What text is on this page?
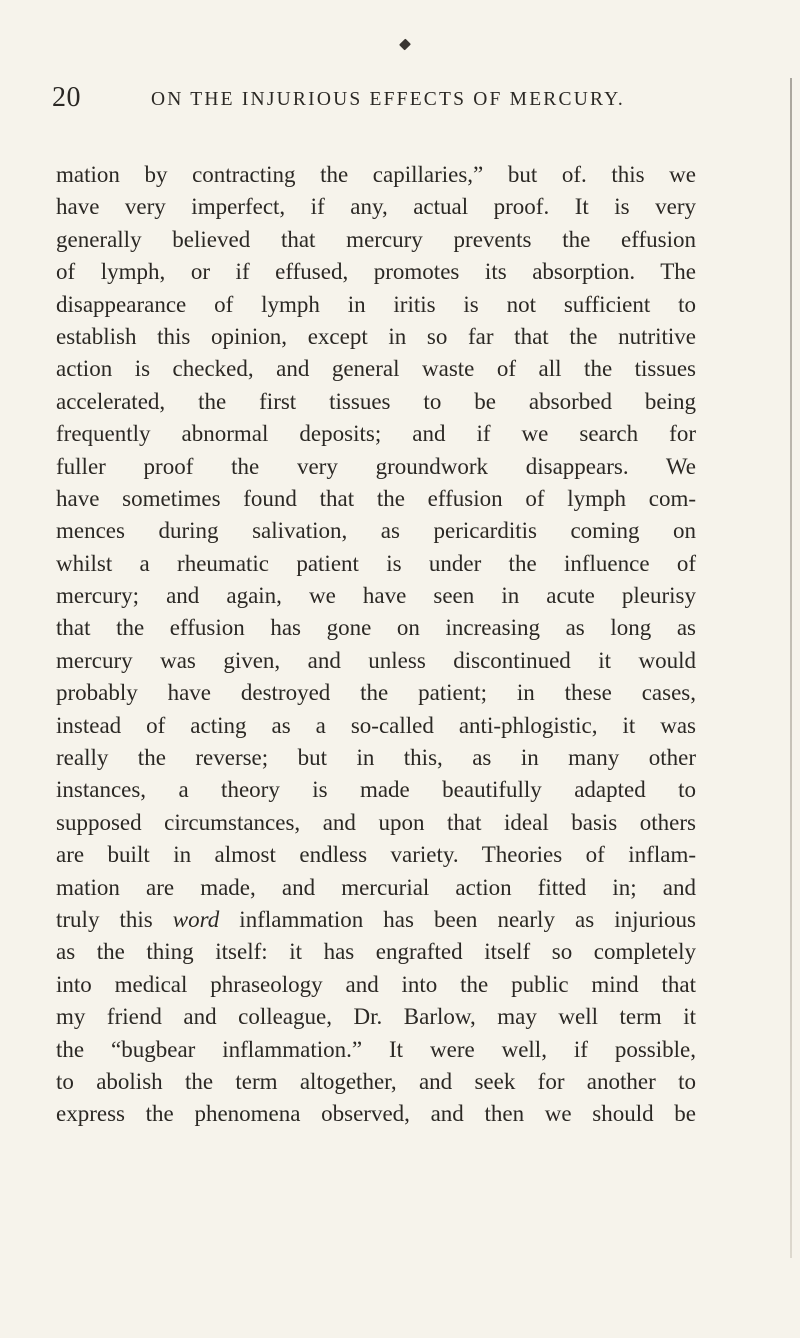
20	ON THE INJURIOUS EFFECTS OF MERCURY.
mation by contracting the capillaries,” but of. this we
have very imperfect, if any, actual proof. It is very
generally believed that mercury prevents the effusion
of lymph, or if effused, promotes its absorption. The
disappearance of lymph in iritis is not sufficient to
establish this opinion, except in so far that the nutritive
action is checked, and general waste of all the tissues
accelerated, the first tissues to be absorbed being
frequently abnormal deposits; and if we search for
fuller proof the very groundwork disappears. We
have sometimes found that the effusion of lymph com-
mences during salivation, as pericarditis coming on
whilst a rheumatic patient is under the influence of
mercury; and again, we have seen in acute pleurisy
that the effusion has gone on increasing as long as
mercury was given, and unless discontinued it would
probably have destroyed the patient; in these cases,
instead of acting as a so-called anti-phlogistic, it was
really the reverse; but in this, as in many other
instances, a theory is made beautifully adapted to
supposed circumstances, and upon that ideal basis others
are built in almost endless variety. Theories of inflam-
mation are made, and mercurial action fitted in; and
truly this word inflammation has been nearly as injurious
as the thing itself: it has engrafted itself so completely
into medical phraseology and into the public mind that
my friend and colleague, Dr. Barlow, may well term it
the “bugbear inflammation.” It were well, if possible,
to abolish the term altogether, and seek for another to
express the phenomena observed, and then we should be
